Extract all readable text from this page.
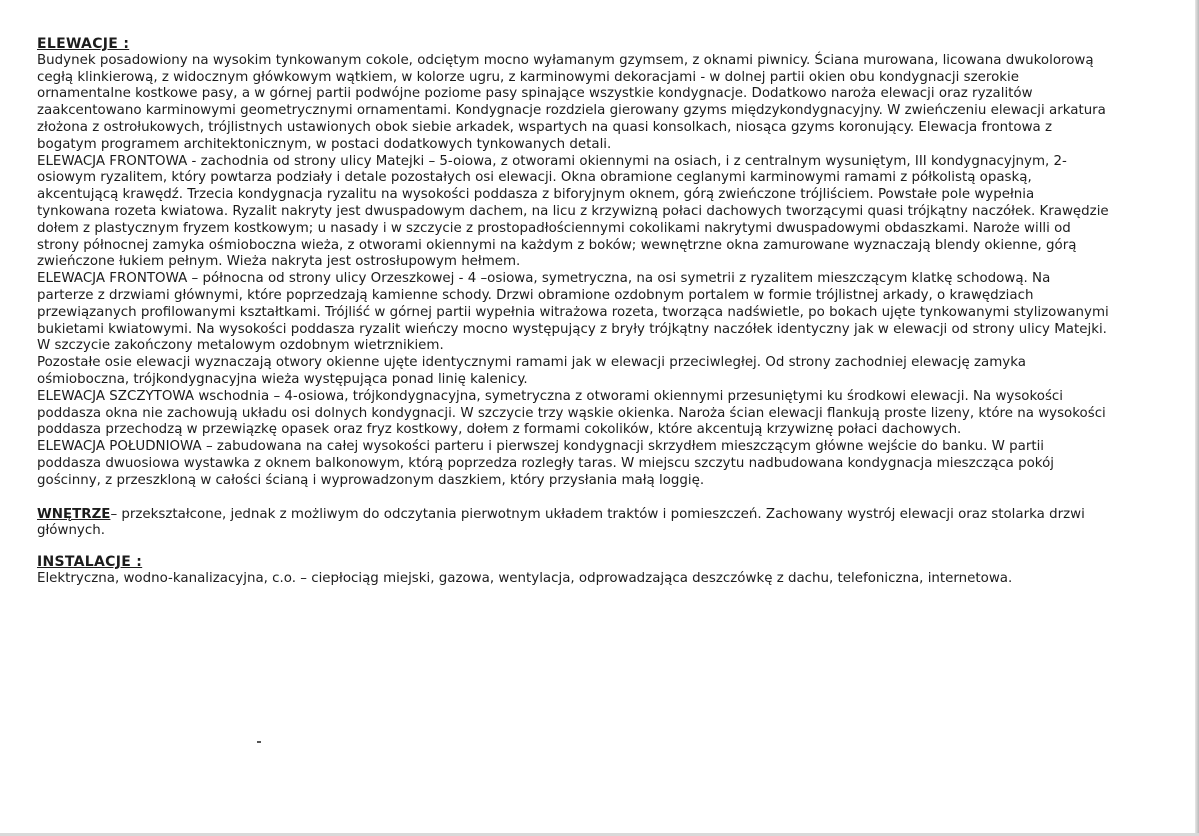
ELEWACJE :
Budynek posadowiony na wysokim tynkowanym cokole, odciętym mocno wyłamanym gzymsem, z oknami piwnicy. Ściana murowana, licowana dwukolorową
cegłą klinkierową, z widocznym główkowym wątkiem, w kolorze ugru, z karminowymi dekoracjami - w dolnej partii okien obu kondygnacji szerokie
ornamentalne kostkowe pasy, a w górnej partii podwójne poziome pasy spinające wszystkie kondygnacje. Dodatkowo naroża elewacji oraz ryzalitów
zaakcentowano karminowymi geometrycznymi ornamentami. Kondygnacje rozdziela gierowany gzyms międzykondygnacyjny. W zwieńczeniu elewacji arkatura
złożona z ostrołukowych, trójlistnych ustawionych obok siebie arkadek, wspartych na quasi konsolkach, niosąca gzyms koronujący. Elewacja frontowa z
bogatym programem architektonicznym, w postaci dodatkowych tynkowanych detali.
ELEWACJA FRONTOWA - zachodnia od strony ulicy Matejki – 5-oiowa, z otworami okiennymi na osiach, i z centralnym wysuniętym, III kondygnacyjnym, 2-
osiowym ryzalitem, który powtarza podziały i detale pozostałych osi elewacji. Okna obramione ceglanymi karminowymi ramami z półkolistą opaską,
akcentującą krawędź. Trzecia kondygnacja ryzalitu na wysokości poddasza z biforyjnym oknem, górą zwieńczone trójliściem. Powstałe pole wypełnia
tynkowana rozeta kwiatowa. Ryzalit nakryty jest dwuspadowym dachem, na licu z krzywizną połaci dachowych tworzącymi quasi trójkątny naczółek. Krawędzie
dołem z plastycznym fryzem kostkowym; u nasady i w szczycie z prostopadłościennymi cokolikami nakrytymi dwuspadowymi obdaszkami. Naroże willi od
strony północnej zamyka ośmioboczna wieża, z otworami okiennymi na każdym z boków; wewnętrzne okna zamurowane wyznaczają blendy okienne, górą
zwieńczone łukiem pełnym. Wieża nakryta jest ostrosłupowym hełmem.
ELEWACJA FRONTOWA – północna od strony ulicy Orzeszkowej - 4 –osiowa, symetryczna, na osi symetrii z ryzalitem mieszczącym klatkę schodową. Na
parterze z drzwiami głównymi, które poprzedzają kamienne schody. Drzwi obramione ozdobnym portalem w formie trójlistnej arkady, o krawędziach
przewiązanych profilowanymi kształtkami. Trójliść w górnej partii wypełnia witrażowa rozeta, tworząca nadświetle, po bokach ujęte tynkowanymi stylizowanymi
bukietami kwiatowymi. Na wysokości poddasza ryzalit wieńczy mocno występujący z bryły trójkątny naczółek identyczny jak w elewacji od strony ulicy Matejki.
W szczycie zakończony metalowym ozdobnym wietrznikiem.
Pozostałe osie elewacji wyznaczają otwory okienne ujęte identycznymi ramami jak w elewacji przeciwległej. Od strony zachodniej elewację zamyka
ośmioboczna, trójkondygnacyjna wieża występująca ponad linię kalenicy.
ELEWACJA SZCZYTOWA wschodnia – 4-osiowa, trójkondygnacyjna, symetryczna z otworami okiennymi przesuniętymi ku środkowi elewacji. Na wysokości
poddasza okna nie zachowują układu osi dolnych kondygnacji. W szczycie trzy wąskie okienka. Naroża ścian elewacji flankują proste lizeny, które na wysokości
poddasza przechodzą w przewiązkę opasek oraz fryz kostkowy, dołem z formami cokolików, które akcentują krzywiznę połaci dachowych.
ELEWACJA POŁUDNIOWA – zabudowana na całej wysokości parteru i pierwszej kondygnacji skrzydłem mieszczącym główne wejście do banku. W partii
poddasza dwuosiowa wystawka z oknem balkonowym, którą poprzedza rozległy taras. W miejscu szczytu nadbudowana kondygnacja mieszcząca pokój
gościnny, z przeszkloną w całości ścianą i wyprowadzonym daszkiem, który przysłania małą loggię.
WNĘTRZE– przekształcone, jednak z możliwym do odczytania pierwotnym układem traktów i pomieszczeń. Zachowany wystrój elewacji oraz stolarka drzwi
głównych.
INSTALACJE :
Elektryczna, wodno-kanalizacyjna, c.o. – ciepłociąg miejski, gazowa, wentylacja, odprowadzająca deszczówkę z dachu, telefoniczna, internetowa.
